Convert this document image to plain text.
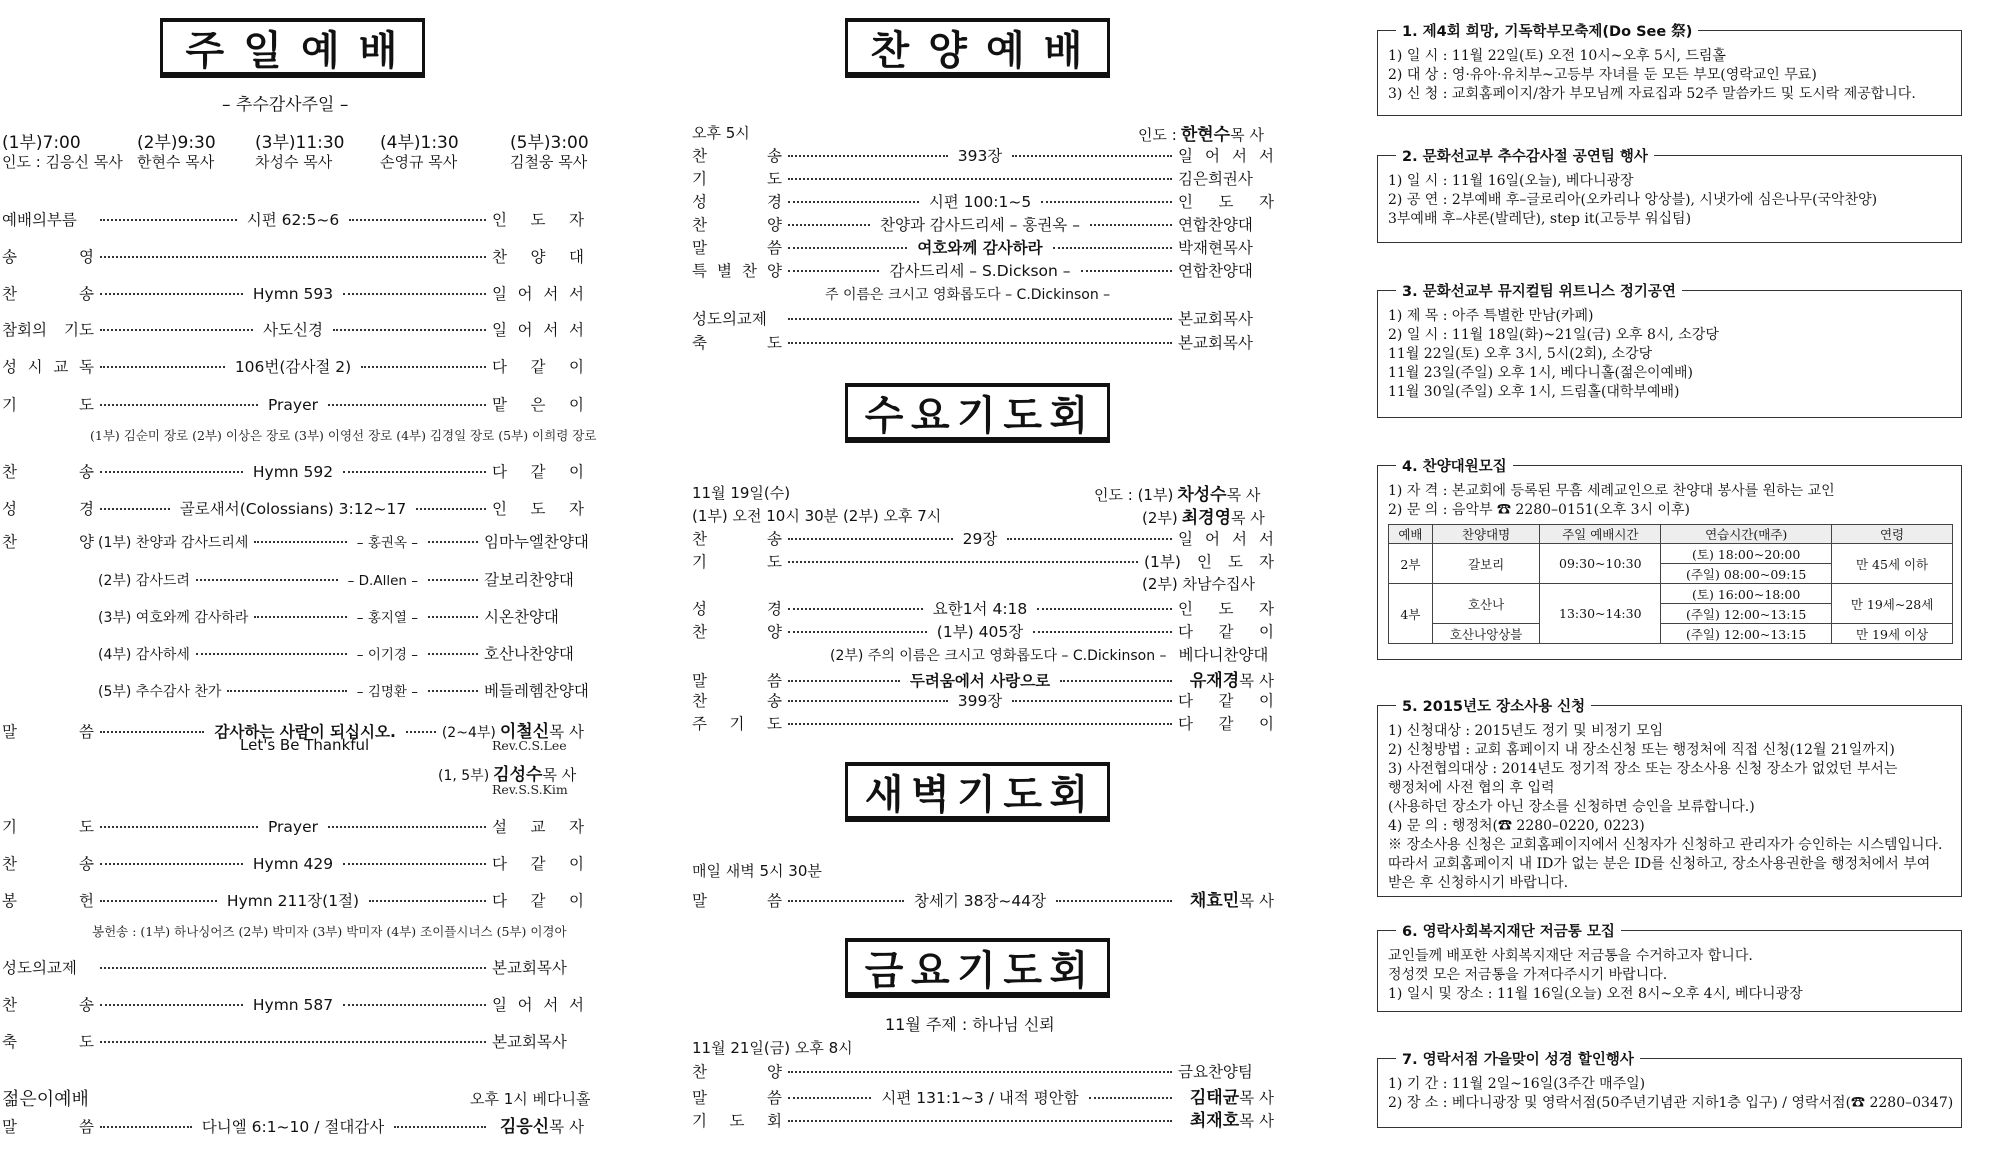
주 일 예 배
– 추수감사주일 –
(1부)7:00	(2부)9:30 (3부)11:30 (4부)1:30	(5부)3:00
인도 : 김응신 목사 한현수 목사	차성수 목사	손영규 목사	김철웅 목사
예배의부름	시편 62:5~6	인 도 자
송 영	찬 양 대
찬 송	Hymn 593	일 어 서 서
참회의 기도	사도신경	일 어 서 서
성 시 교 독	106번(감사절 2)	다 같 이
기 도	Prayer	맡 은 이
(1부) 김순미 장로 (2부) 이상은 장로 (3부) 이영선 장로 (4부) 김경일 장로 (5부) 이희령 장로
찬 송	Hymn 592	다 같 이
성 경	골로새서(Colossians) 3:12~17	인 도 자
찬 양 (1부) 찬양과 감사드리세	– 홍권옥 –	임마누엘찬양대
(2부) 감사드려	– D.Allen –	갈보리찬양대
(3부) 여호와께 감사하라	– 홍지열 –	시온찬양대
(4부) 감사하세	– 이기경 –	호산나찬양대
(5부) 추수감사 찬가	– 김명환 –	베들레헴찬양대
말 씀	감사하는 사람이 되십시오.	(2~4부) 이철신 목 사
Let's Be Thankful	Rev.C.S.Lee
(1, 5부) 김성수목 사
Rev.S.S.Kim
기 도	Prayer	설 교 자
찬 송	Hymn 429	다 같 이
봉 헌	Hymn 211장(1절)	다 같 이
봉헌송 : (1부) 하나싱어즈 (2부) 박미자 (3부) 박미자 (4부) 조이플시너스 (5부) 이경아
성도의교제	본교회목사
찬 송	Hymn 587	일 어 서 서
축 도	본교회목사
젊은이예배	오후 1시 베다니홀
말 씀	다니엘 6:1~10 / 절대감사	김응신목 사
찬 양 예 배
오후 5시	인도 : 한현수목 사
찬 송	393장	일 어 서 서
기 도	김은희권사
성 경	시편 100:1~5	인 도 자
찬 양	찬양과 감사드리세 – 홍권옥 –	연합찬양대
말 씀	여호와께 감사하라	박재현목사
특 별 찬 양	감사드리세 – S.Dickson –	연합찬양대
주 이름은 크시고 영화롭도다 – C.Dickinson –
성도의교제	본교회목사
축 도	본교회목사
수 요 기 도 회
11월 19일(수)
(1부) 오전 10시 30분 (2부) 오후 7시
인도 : (1부) 차성수목 사
(2부) 최경영목 사
찬 송	29장	일 어 서 서
기 도	(1부) 인 도 자
(2부) 차남수집사
성 경	요한1서 4:18	인 도 자
찬 양	(1부) 405장	다 같 이
(2부) 주의 이름은 크시고 영화롭도다 – C.Dickinson – 베다니찬양대
말 씀	두려움에서 사랑으로	유재경목 사
찬 송	399장	다 같 이
주 기 도	다 같 이
새 벽 기 도 회
매일 새벽 5시 30분
말 씀	창세기 38장~44장	채효민목 사
금 요 기 도 회
11월 주제 : 하나님 신뢰
11월 21일(금) 오후 8시
찬 양	금요찬양팀
말 씀	시편 131:1~3 / 내적 평안함	김태균목 사
기 도 회	최재호목 사
1. 제4회 희망, 기독학부모축제(Do See 祭)
1) 일 시 : 11월 22일(토) 오전 10시~오후 5시, 드림홀
2) 대 상 : 영·유아·유치부~고등부 자녀를 둔 모든 부모(영락교인 무료)
3) 신 청 : 교회홈페이지/참가 부모님께 자료집과 52주 말씀카드 및 도시락 제공합니다.
2. 문화선교부 추수감사절 공연팀 행사
1) 일 시 : 11월 16일(오늘), 베다니광장
2) 공 연 : 2부예배 후–글로리아(오카리나 앙상블), 시냇가에 심은나무(국악찬양)
3부예배 후–샤론(발레단), step it(고등부 워십팀)
3. 문화선교부 뮤지컬팀 위트니스 정기공연
1) 제 목 : 아주 특별한 만남(카페)
2) 일 시 : 11월 18일(화)~21일(금) 오후 8시, 소강당
11월 22일(토) 오후 3시, 5시(2회), 소강당
11월 23일(주일) 오후 1시, 베다니홀(젊은이예배)
11월 30일(주일) 오후 1시, 드림홀(대학부예배)
4. 찬양대원모집
1) 자 격 : 본교회에 등록된 무흠 세례교인으로 찬양대 봉사를 원하는 교인
2) 문 의 : 음악부 ☎ 2280–0151(오후 3시 이후)
예배	찬양대명	주일 예배시간	연습시간(매주)	연령
2부	갈보리	09:30~10:30	(토) 18:00~20:00	만 45세 이하
			(주일) 08:00~09:15	
4부	호산나	13:30~14:30	(토) 16:00~18:00	만 19세~28세
			(주일) 12:00~13:15	
	호산나앙상블		(주일) 12:00~13:15	만 19세 이상
5. 2015년도 장소사용 신청
1) 신청대상 : 2015년도 정기 및 비정기 모임
2) 신청방법 : 교회 홈페이지 내 장소신청 또는 행정처에 직접 신청(12월 21일까지)
3) 사전협의대상 : 2014년도 정기적 장소 또는 장소사용 신청 장소가 없었던 부서는
행정처에 사전 협의 후 입력
(사용하던 장소가 아닌 장소를 신청하면 승인을 보류합니다.)
4) 문 의 : 행정처(☎ 2280–0220, 0223)
※ 장소사용 신청은 교회홈페이지에서 신청자가 신청하고 관리자가 승인하는 시스템입니다.
따라서 교회홈페이지 내 ID가 없는 분은 ID를 신청하고, 장소사용권한을 행정처에서 부여
받은 후 신청하시기 바랍니다.
6. 영락사회복지재단 저금통 모집
교인들께 배포한 사회복지재단 저금통을 수거하고자 합니다.
정성껏 모은 저금통을 가져다주시기 바랍니다.
1) 일시 및 장소 : 11월 16일(오늘) 오전 8시~오후 4시, 베다니광장
7. 영락서점 가을맞이 성경 할인행사
1) 기 간 : 11월 2일~16일(3주간 매주일)
2) 장 소 : 베다니광장 및 영락서점(50주년기념관 지하1층 입구) / 영락서점(☎ 2280–0347)
